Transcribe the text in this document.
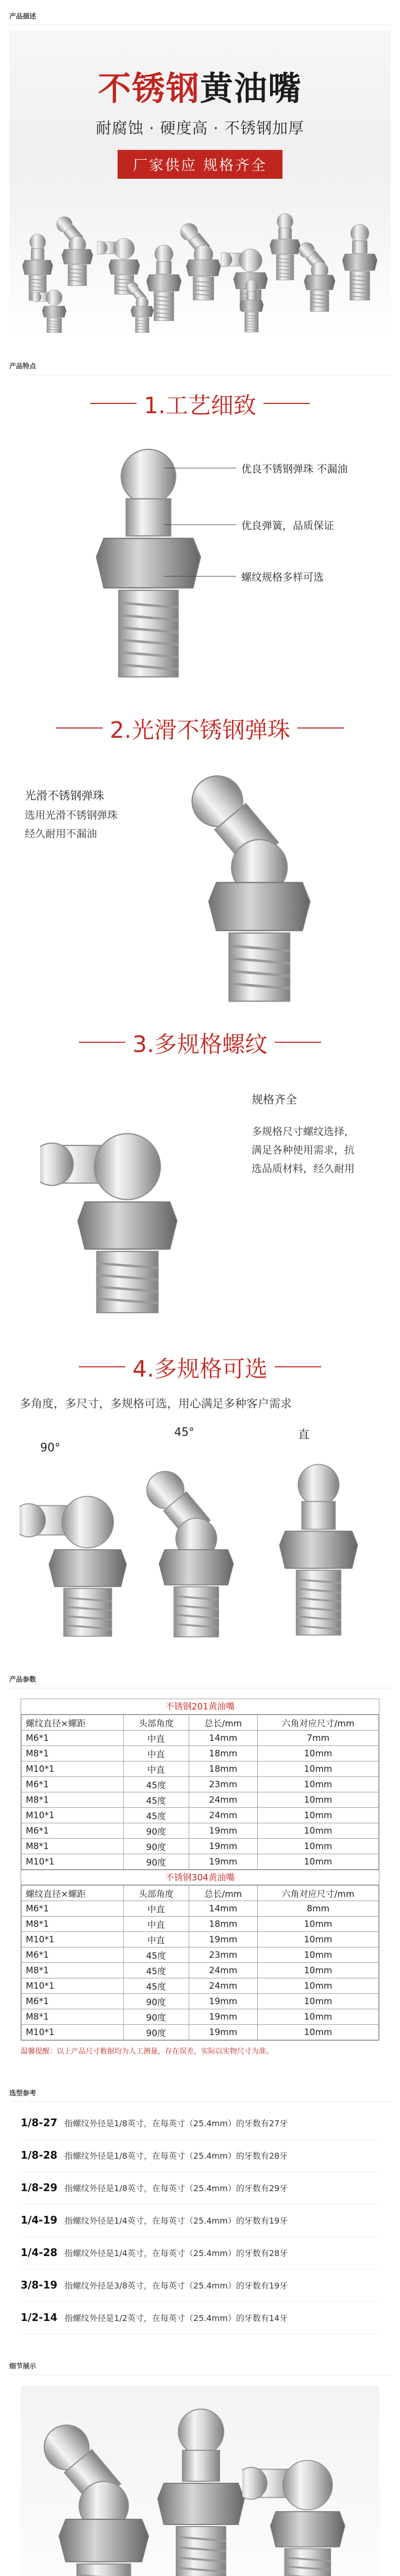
产品描述
不锈钢 黄油嘴
耐腐蚀 · 硬度高 · 不锈钢加厚
厂家供应 规格齐全
产品特点
1.工艺细致
优良不锈钢弹珠 不漏油
优良弹簧，品质保证
螺纹规格多样可选
2.光滑不锈钢弹珠
光滑不锈钢弹珠
选用光滑不锈钢弹珠
经久耐用不漏油
3.多规格螺纹
规格齐全
多规格尺寸螺纹选择,
满足各种使用需求，抗
选品质材料，经久耐用
4.多规格可选
多角度，多尺寸，多规格可选，用心满足多种客户需求
90°
45°	直
产品参数
不锈钢201黄油嘴
螺纹直径×螺距	头部角度	总长/mm	六角对应尺寸/mm
M6*1	中直	14mm	7mm
M8*1	中直	18mm	10mm
M10*1	中直	18mm	10mm
M6*1	45度	23mm	10mm
M8*1	45度	24mm	10mm
M10*1	45度	24mm	10mm
M6*1	90度	19mm	10mm
M8*1	90度	19mm	10mm
M10*1	90度	19mm	10mm
不锈钢304黄油嘴
螺纹直径×螺距	头部角度	总长/mm	六角对应尺寸/mm
M6*1	中直	14mm	8mm
M8*1	中直	18mm	10mm
M10*1	中直	19mm	10mm
M6*1	45度	23mm	10mm
M8*1	45度	24mm	10mm
M10*1	45度	24mm	10mm
M6*1	90度	19mm	10mm
M8*1	90度	19mm	10mm
M10*1	90度	19mm	10mm
温馨提醒：以上产品尺寸数据均为人工测量，存在误差，实际以实物尺寸为准。
选型参考
1/8-27 指螺纹外径是1/8英寸，在每英寸（25.4mm）的牙数有27牙
1/8-28 指螺纹外径是1/8英寸，在每英寸（25.4mm）的牙数有28牙
1/8-29 指螺纹外径是1/8英寸，在每英寸（25.4mm）的牙数有29牙
1/4-19 指螺纹外径是1/4英寸，在每英寸（25.4mm）的牙数有19牙
1/4-28 指螺纹外径是1/4英寸，在每英寸（25.4mm）的牙数有28牙
3/8-19 指螺纹外径是3/8英寸，在每英寸（25.4mm）的牙数有19牙
1/2-14 指螺纹外径是1/2英寸，在每英寸（25.4mm）的牙数有14牙
细节展示
